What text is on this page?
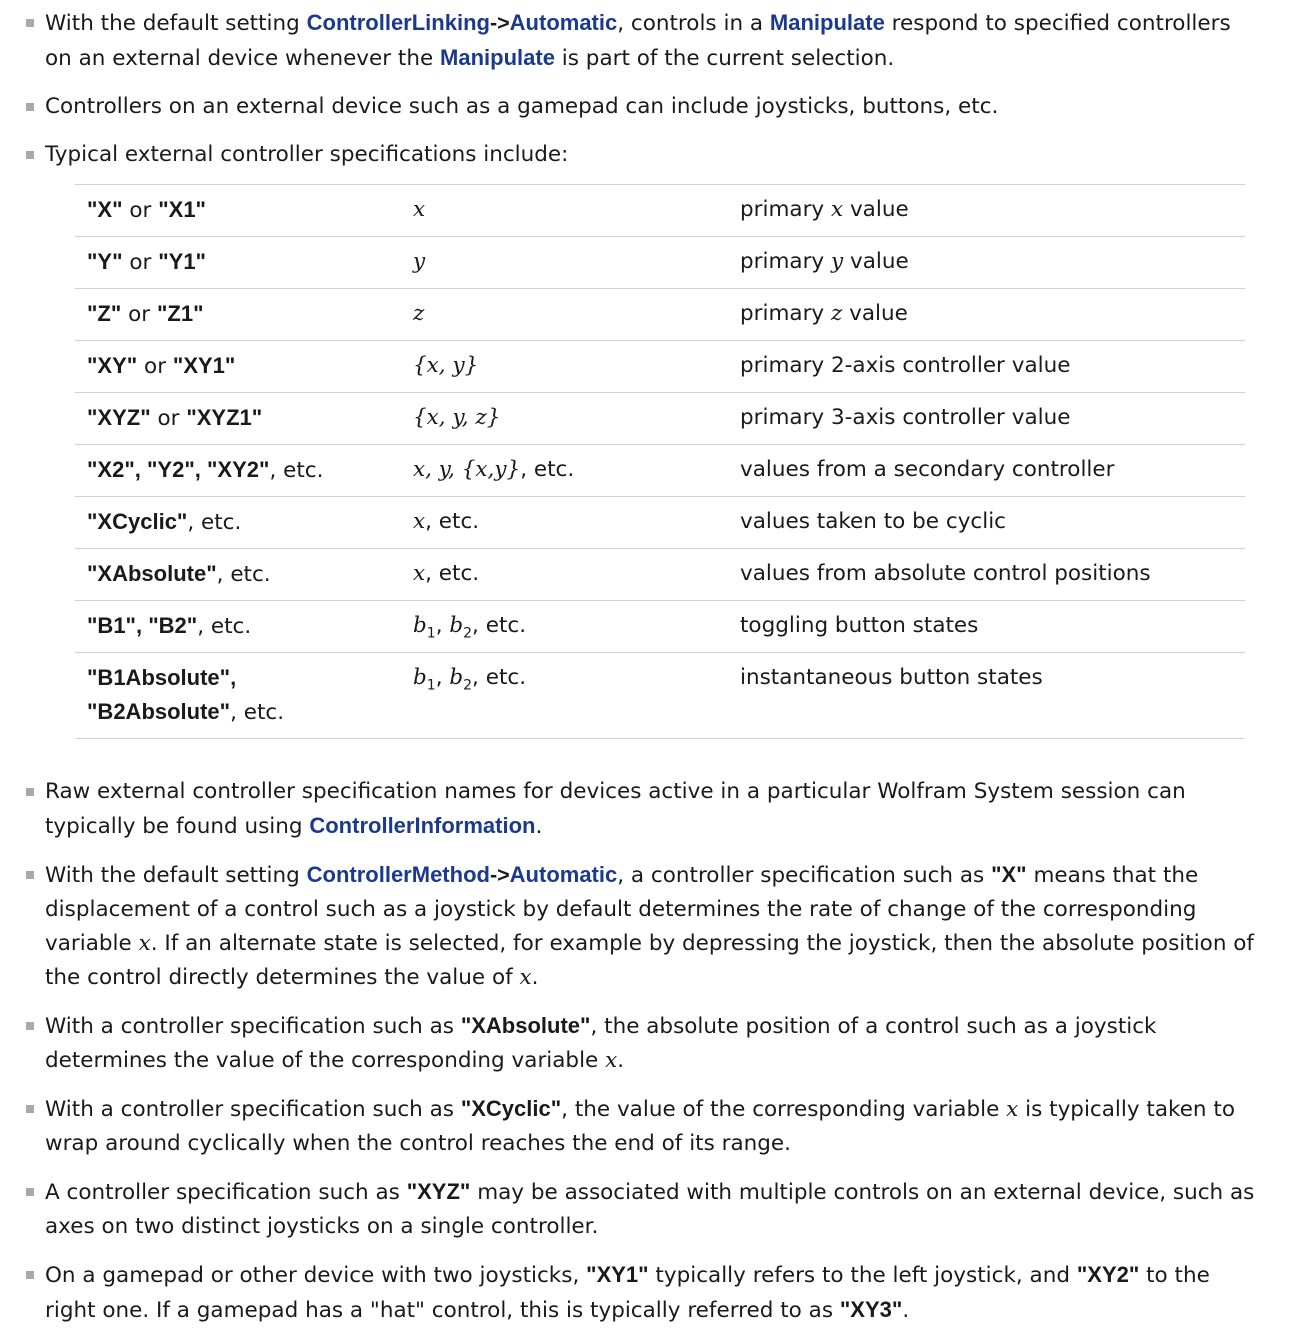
With the default setting ControllerLinking->Automatic, controls in a Manipulate respond to specified controllers on an external device whenever the Manipulate is part of the current selection.
Controllers on an external device such as a gamepad can include joysticks, buttons, etc.
Typical external controller specifications include:
"X" or "X1"	x	primary x value
"Y" or "Y1"	y	primary y value
"Z" or "Z1"	z	primary z value
"XY" or "XY1"	{x, y}	primary 2-axis controller value
"XYZ" or "XYZ1"	{x, y, z}	primary 3-axis controller value
"X2", "Y2", "XY2", etc.	x, y, {x,y}, etc.	values from a secondary controller
"XCyclic", etc.	x, etc.	values taken to be cyclic
"XAbsolute", etc.	x, etc.	values from absolute control positions
"B1", "B2", etc.	$b_1$, $b_2$, etc.	toggling button states
"B1Absolute", "B2Absolute", etc.	$b_1$, $b_2$, etc.	instantaneous button states
Raw external controller specification names for devices active in a particular Wolfram System session can typically be found using ControllerInformation.
With the default setting ControllerMethod->Automatic, a controller specification such as "X" means that the displacement of a control such as a joystick by default determines the rate of change of the corresponding variable x. If an alternate state is selected, for example by depressing the joystick, then the absolute position of the control directly determines the value of x.
With a controller specification such as "XAbsolute", the absolute position of a control such as a joystick determines the value of the corresponding variable x.
With a controller specification such as "XCyclic", the value of the corresponding variable x is typically taken to wrap around cyclically when the control reaches the end of its range.
A controller specification such as "XYZ" may be associated with multiple controls on an external device, such as axes on two distinct joysticks on a single controller.
On a gamepad or other device with two joysticks, "XY1" typically refers to the left joystick, and "XY2" to the right one. If a gamepad has a "hat" control, this is typically referred to as "XY3".
